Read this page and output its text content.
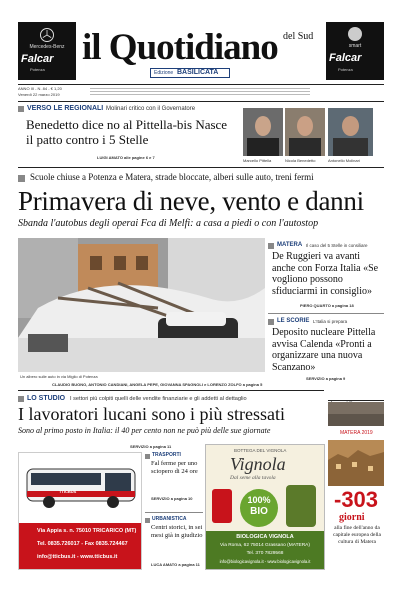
Mercedes-Benz
Falcar
Potenza
il Quotidiano del Sud
Edizione BASILICATA
smart
Falcar
Potenza
ANNO III - N. 84 - € 1,20
Venerdì 22 marzo 2019
VERSO LE REGIONALI Molinari critico con il Governatore
Benedetto dice no al Pittella-bis Nasce il patto contro i 5 Stelle
LUIGI AMATO alle pagine 6 e 7
Marcello Pittella	Nicola Benedetto	Antonello Molinari
Scuole chiuse a Potenza e Matera, strade bloccate, alberi sulle auto, treni fermi
Primavera di neve, vento e danni
Sbanda l'autobus degli operai Fca di Melfi: a casa a piedi o con l'autostop
Un albero sulle auto in via Miglio di Potenza
CLAUDIO BUONO, ANTONIO CANDIANI, ANGELA PEPE, GIOVANNA SPAGNOLI e LORENZO ZOLFO a pagina 5
MATERA Il caso del 5 Stelle in consiliare
De Ruggieri va avanti anche con Forza Italia «Se vogliono possono sfiduciarmi in consiglio»
PIERO QUARTO a pagina 18
LE SCORIE L'Italia si prepara
Deposito nucleare Pittella avvisa Calenda «Pronti a organizzare una nuova Scanzano»
SERVIZIO a pagina 9
LO STUDIO I settori più colpiti quelli delle vendite finanziarie e gli addetti al dettaglio
I lavoratori lucani sono i più stressati
Sono al primo posto in Italia: il 40 per cento non ne può più delle sue giornate
SERVIZIO a pagina 11
MATERA 2019
-303
giorni
alla fine dell'anno da capitale europea della cultura di Matera
TRASPORTI
Fal ferme per uno sciopero di 24 ore
SERVIZIO a pagina 10
URBANISTICA
Centri storici, in sei mesi già in giudizio
LUCA AMATO a pagina 11
TTICBUS
Via Appia s. n. 75010 TRICARICO (MT)
Tel. 0835.726017 - Fax 0835.724467
info@tticbus.it - www.tticbus.it
BOTTEGA DEL VIGNOLA
Vignola
Dal seme alla tavola
100%
BIO
BIOLOGICA VIGNOLA
Via Roma, 62 75014 Grassano (MATERA)
Tel. 370 7829568
info@biologicavignola.it - www.biologicavignola.it
